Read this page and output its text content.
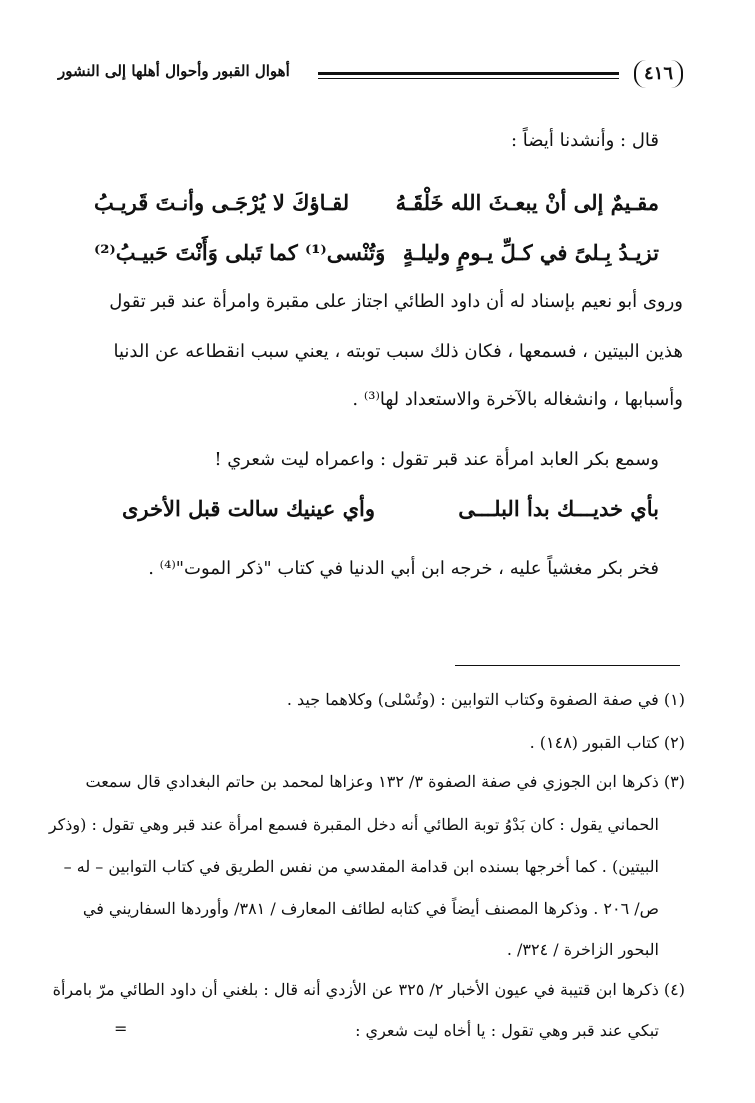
٤١٦
أهوال القبور وأحوال أهلها إلى النشور
قال : وأنشدنا أيضاً :
مقـيمٌ إلى أنْ يبعـثَ الله خَلْقَـهُ
لقـاؤكَ لا يُرْجَـى وأنـتَ قَريـبُ
تزيـدُ بِـلىً في كـلِّ يـومٍ وليلـةٍ
وَتُنْسى⁽¹⁾ كما تَبلى وَأَنْتَ حَبيـبُ⁽²⁾
وروى أبو نعيم بإسناد له أن داود الطائي اجتاز على مقبرة وامرأة عند قبر تقول
هذين البيتين ، فسمعها ، فكان ذلك سبب توبته ، يعني سبب انقطاعه عن الدنيا
وأسبابها ، وانشغاله بالآخرة والاستعداد لها⁽³⁾ .
وسمع بكر العابد امرأة عند قبر تقول : واعمراه ليت شعري !
بأي خديـــك بدأ البلـــى
وأي عينيك سالت قبل الأخرى
فخر بكر مغشياً عليه ، خرجه ابن أبي الدنيا في كتاب "ذكر الموت"⁽⁴⁾ .
(١) في صفة الصفوة وكتاب التوابين : (وتُسْلى) وكلاهما جيد .
(٢) كتاب القبور (١٤٨) .
(٣) ذكرها ابن الجوزي في صفة الصفوة ٣/ ١٣٢ وعزاها لمحمد بن حاتم البغدادي قال سمعت
الحماني يقول : كان بَدْوُ توبة الطائي أنه دخل المقبرة فسمع امرأة عند قبر وهي تقول : (وذكر
البيتين) . كما أخرجها بسنده ابن قدامة المقدسي من نفس الطريق في كتاب التوابين – له –
ص/ ٢٠٦ . وذكرها المصنف أيضاً في كتابه لطائف المعارف / ٣٨١/ وأوردها السفاريني في
البحور الزاخرة / ٣٢٤/ .
(٤) ذكرها ابن قتيبة في عيون الأخبار ٢/ ٣٢٥ عن الأزدي أنه قال : بلغني أن داود الطائي مرّ بامرأة
تبكي عند قبر وهي تقول : يا أخاه ليت شعري :
=
